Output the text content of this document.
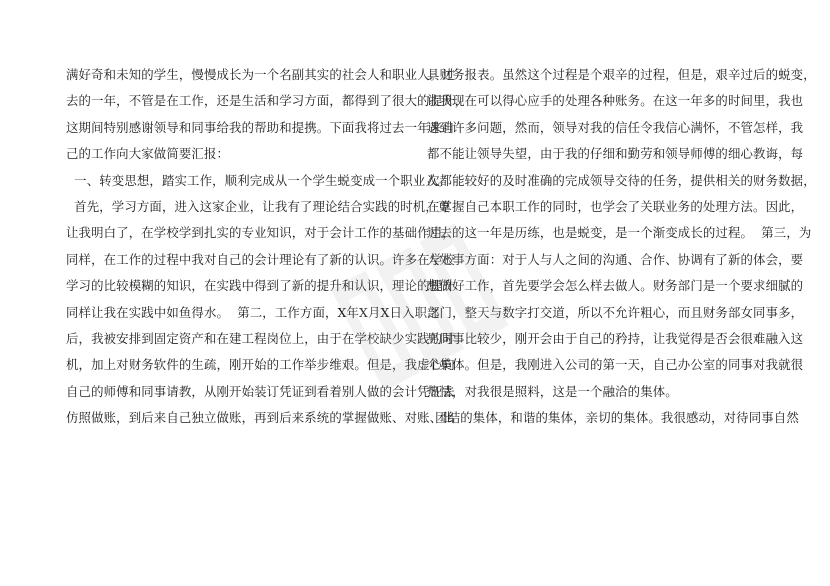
满好奇和未知的学生，慢慢成长为一个名副其实的社会人和职业人。过
去的一年，不管是在工作，还是生活和学习方面，都得到了很大的提升，
这期间特别感谢领导和同事给我的帮助和提携。下面我将过去一年来自
己的工作向大家做简要汇报：
一、转变思想，踏实工作，顺利完成从一个学生蜕变成一个职业人。
首先，学习方面，进入这家企业，让我有了理论结合实践的时机，更
让我明白了，在学校学到扎实的专业知识，对于会计工作的基础作用，
同样，在工作的过程中我对自己的会计理论有了新的认识。许多在学校
学习的比较模糊的知识，在实践中得到了新的提升和认识，理论的提升
同样让我在实践中如鱼得水。  第二，工作方面，X年X月X日入职之
后，我被安排到固定资产和在建工程岗位上，由于在学校缺少实践的时
机，加上对财务软件的生疏，刚开始的工作举步维艰。但是，我虚心向
自己的师傅和同事请教，从刚开始装订凭证到看着别人做的会计凭证去
仿照做账，到后来自己独立做账，再到后来系统的掌握做账、对账、出
具财务报表。虽然这个过程是个艰辛的过程，但是，艰辛过后的蜕变，
让我现在可以得心应手的处理各种账务。在这一年多的时间里，我也
遇到许多问题，然而，领导对我的信任令我信心满怀，不管怎样，我
都不能让领导失望，由于我的仔细和勤劳和领导师傅的细心教诲，每
次都能较好的及时准确的完成领导交待的任务，提供相关的财务数据，
在掌握自己本职工作的同时，也学会了关联业务的处理方法。因此，
过去的这一年是历练，也是蜕变，是一个渐变成长的过程。  第三，为
人处事方面：对于人与人之间的沟通、合作、协调有了新的体会，要
想做好工作，首先要学会怎么样去做人。财务部门是一个要求细腻的
部门，整天与数字打交道，所以不允许粗心，而且财务部女同事多，
男同事比较少，刚开会由于自己的矜持，让我觉得是否会很难融入这
个集体。但是，我刚进入公司的第一天，自己办公室的同事对我就很
热情，对我很是照料，这是一个融洽的集体。
团结的集体，和谐的集体，亲切的集体。我很感动，对待同事自然
